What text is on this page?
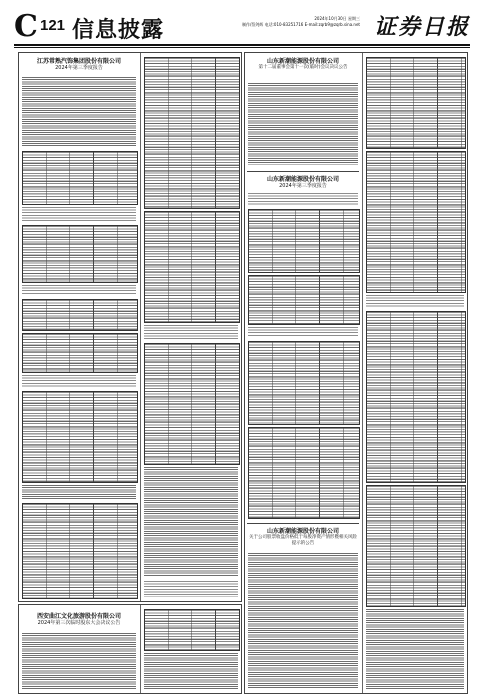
C 121 信息披露	2024年10月30日 星期三
制作/蔡剑辉 电话:010-83251716 E-mail:zqrb9@zqrb.sina.net 证券日报

江苏常熟汽饰集团股份有限公司
2024年第三季度报告
西安曲江文化旅游股份有限公司
2024年第三次临时股东大会决议公告
山东新潮能源股份有限公司
第十二届董事会第十一次(临时)会议决议公告
山东新潮能源股份有限公司
2024年第三季度报告
山东新潮能源股份有限公司
关于公司股票收盘价格低于每股净资产情形暨相关风险提示的公告
